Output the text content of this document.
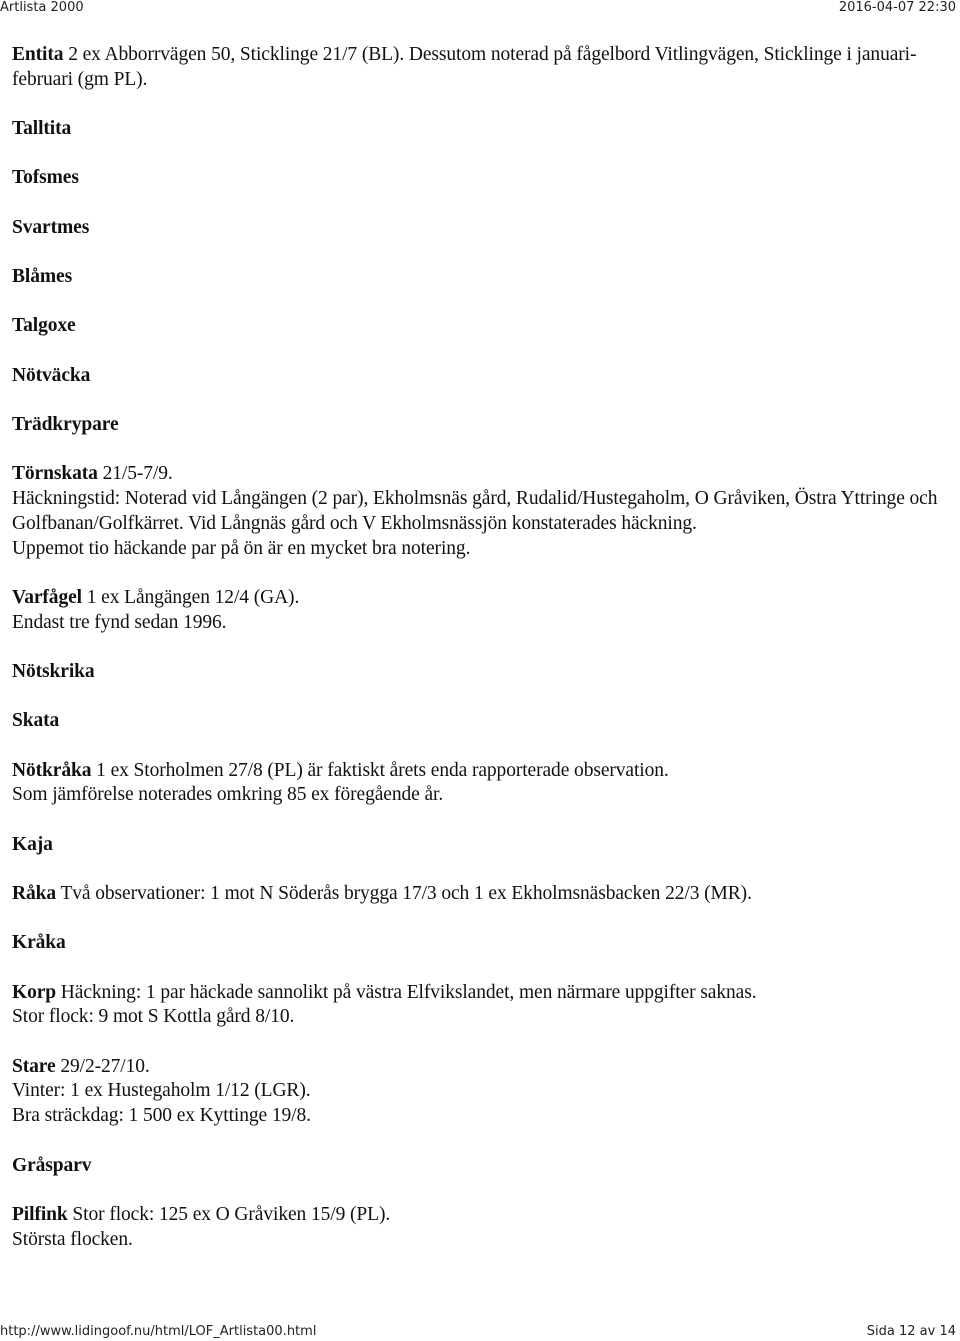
Artlista 2000	2016-04-07 22:30

Entita 2 ex Abborrvägen 50, Sticklinge 21/7 (BL). Dessutom noterad på fågelbord Vitlingvägen, Sticklinge i januari-februari (gm PL).

Talltita

Tofsmes

Svartmes

Blåmes

Talgoxe

Nötväcka

Trädkrypare

Törnskata 21/5-7/9.

Häckningstid: Noterad vid Långängen (2 par), Ekholmsnäs gård, Rudalid/Hustegaholm, O Gråviken, Östra Yttringe och Golfbanan/Golfkärret. Vid Långnäs gård och V Ekholmsnässjön konstaterades häckning.

Uppemot tio häckande par på ön är en mycket bra notering.

Varfågel 1 ex Långängen 12/4 (GA).

Endast tre fynd sedan 1996.

Nötskrika

Skata

Nötkråka 1 ex Storholmen 27/8 (PL) är faktiskt årets enda rapporterade observation.

Som jämförelse noterades omkring 85 ex föregående år.

Kaja

Råka Två observationer: 1 mot N Söderås brygga 17/3 och 1 ex Ekholmsnäsbacken 22/3 (MR).

Kråka

Korp Häckning: 1 par häckade sannolikt på västra Elfvikslandet, men närmare uppgifter saknas.

Stor flock: 9 mot S Kottla gård 8/10.

Stare 29/2-27/10.

Vinter: 1 ex Hustegaholm 1/12 (LGR).

Bra sträckdag: 1 500 ex Kyttinge 19/8.

Gråsparv

Pilfink Stor flock: 125 ex O Gråviken 15/9 (PL).

Största flocken.

http://www.lidingoof.nu/html/LOF_Artlista00.html	Sida 12 av 14
